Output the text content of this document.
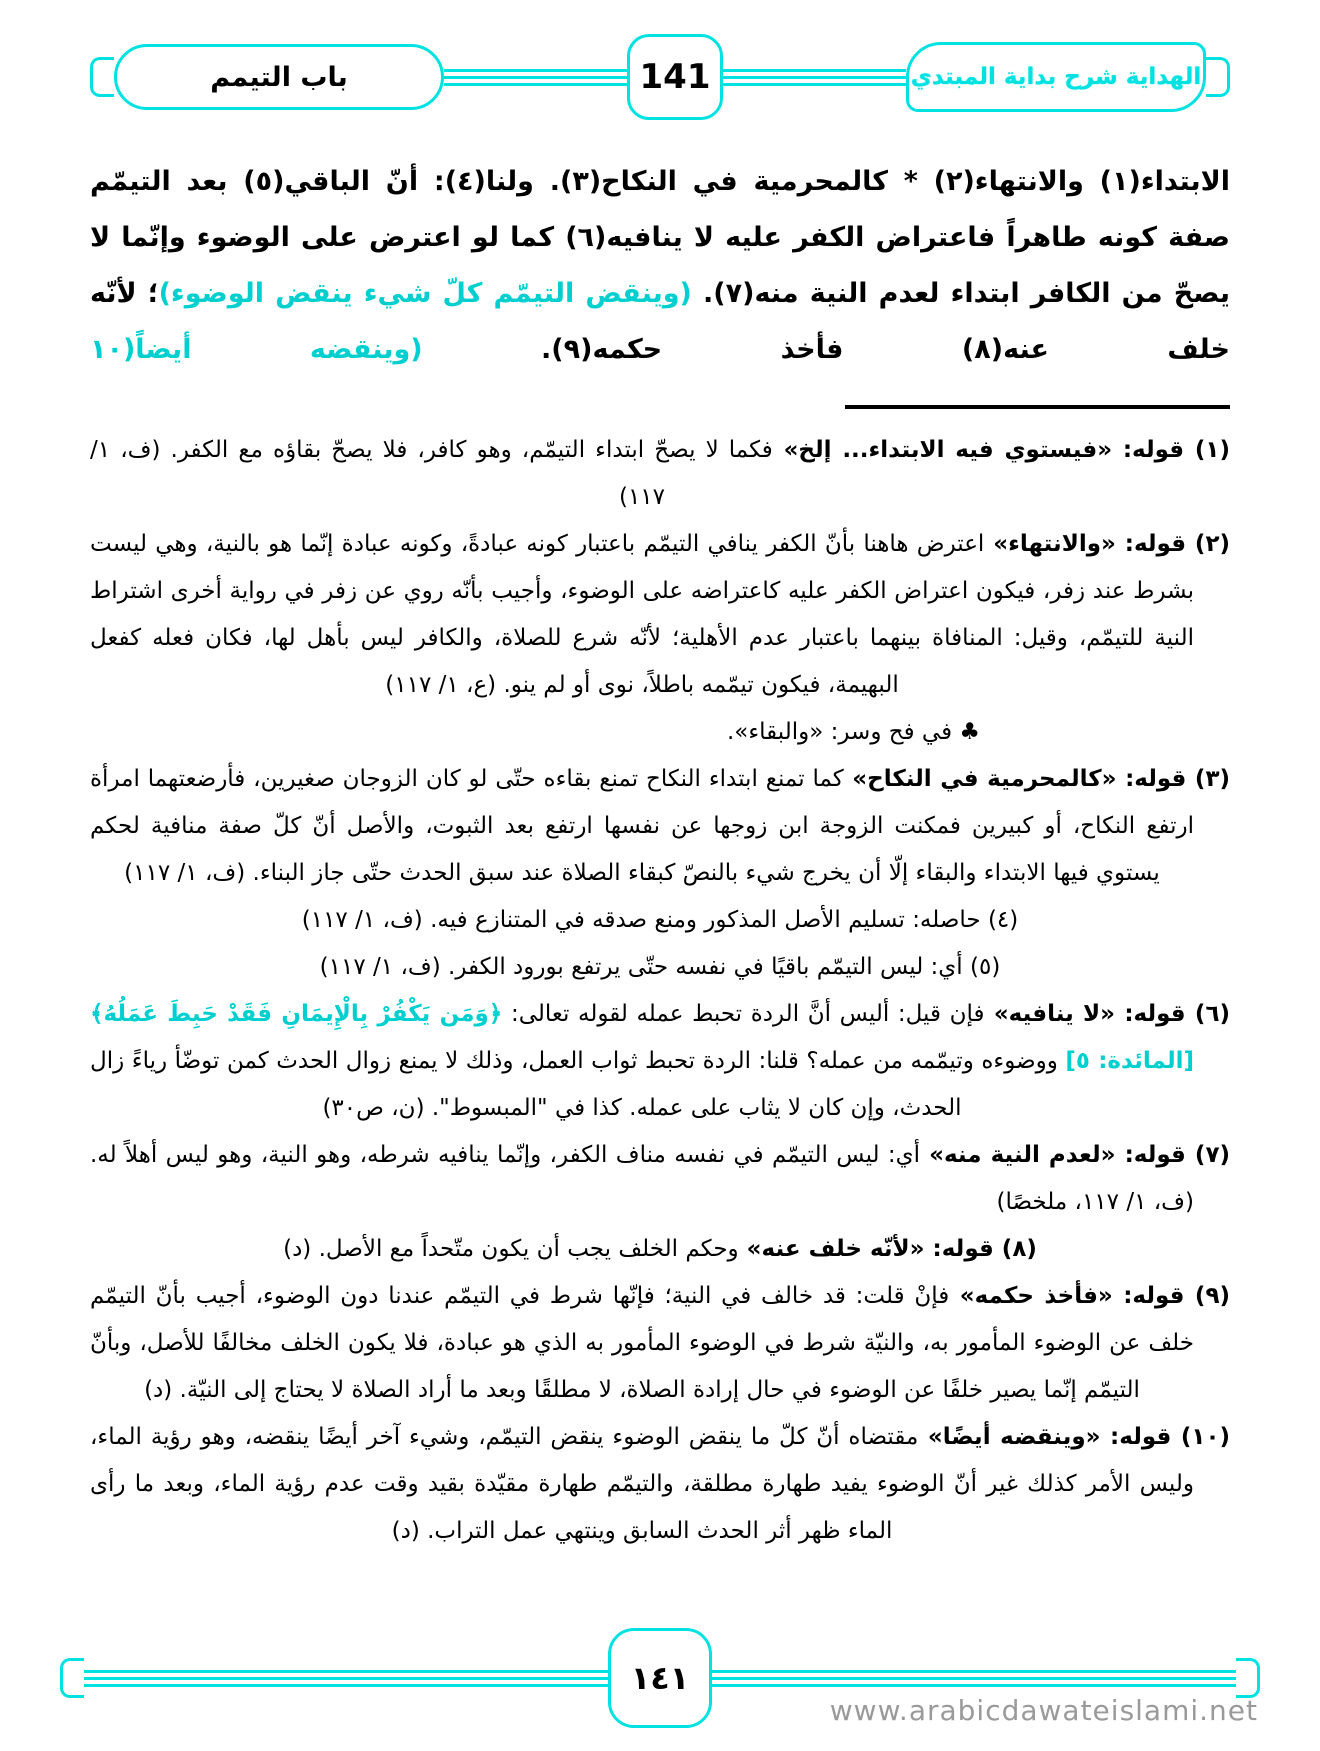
باب التيمم	141	الهداية شرح بداية المبتدي

الابتداء(١) والانتهاء(٢) * كالمحرمية في النكاح(٣). ولنا(٤): أنّ الباقي(٥) بعد التيمّم صفة كونه طاهراً فاعتراض الكفر عليه لا ينافيه(٦) كما لو اعترض على الوضوء وإنّما لا يصحّ من الكافر ابتداء لعدم النية منه(٧). (وينقض التيمّم كلّ شيء ينقض الوضوء)؛ لأنّه خلف عنه(٨) فأخذ حكمه(٩). (وينقضه أيضاً(١٠

(١) قوله: «فيستوي فيه الابتداء... إلخ» فكما لا يصحّ ابتداء التيمّم، وهو كافر، فلا يصحّ بقاؤه مع الكفر. (ف، ١/ ١١٧)

(٢) قوله: «والانتهاء» اعترض هاهنا بأنّ الكفر ينافي التيمّم باعتبار كونه عبادةً، وكونه عبادة إنّما هو بالنية، وهي ليست بشرط عند زفر، فيكون اعتراض الكفر عليه كاعتراضه على الوضوء، وأجيب بأنّه روي عن زفر في رواية أخرى اشتراط النية للتيمّم، وقيل: المنافاة بينهما باعتبار عدم الأهلية؛ لأنّه شرع للصلاة، والكافر ليس بأهل لها، فكان فعله كفعل البهيمة، فيكون تيمّمه باطلاً، نوى أو لم ينو. (ع، ١/ ١١٧)

♣ في فح وسر: «والبقاء».

(٣) قوله: «كالمحرمية في النكاح» كما تمنع ابتداء النكاح تمنع بقاءه حتّى لو كان الزوجان صغيرين، فأرضعتهما امرأة ارتفع النكاح، أو كبيرين فمكنت الزوجة ابن زوجها عن نفسها ارتفع بعد الثبوت، والأصل أنّ كلّ صفة منافية لحكم يستوي فيها الابتداء والبقاء إلّا أن يخرج شيء بالنصّ كبقاء الصلاة عند سبق الحدث حتّى جاز البناء. (ف، ١/ ١١٧)

(٤) حاصله: تسليم الأصل المذكور ومنع صدقه في المتنازع فيه. (ف، ١/ ١١٧)

(٥) أي: ليس التيمّم باقيًا في نفسه حتّى يرتفع بورود الكفر. (ف، ١/ ١١٧)

(٦) قوله: «لا ينافيه» فإن قيل: أليس أنَّ الردة تحبط عمله لقوله تعالى: ﴿وَمَن يَكْفُرْ بِالْإِيمَانِ فَقَدْ حَبِطَ عَمَلُهُ﴾ [المائدة: ٥] ووضوءه وتيمّمه من عمله؟ قلنا: الردة تحبط ثواب العمل، وذلك لا يمنع زوال الحدث كمن توضّأ رياءً زال الحدث، وإن كان لا يثاب على عمله. كذا في "المبسوط". (ن، ص٣٠)

(٧) قوله: «لعدم النية منه» أي: ليس التيمّم في نفسه مناف الكفر، وإنّما ينافيه شرطه، وهو النية، وهو ليس أهلاً له. (ف، ١/ ١١٧، ملخصًا)

(٨) قوله: «لأنّه خلف عنه» وحكم الخلف يجب أن يكون متّحداً مع الأصل. (د)

(٩) قوله: «فأخذ حكمه» فإنْ قلت: قد خالف في النية؛ فإنّها شرط في التيمّم عندنا دون الوضوء، أجيب بأنّ التيمّم خلف عن الوضوء المأمور به، والنيّة شرط في الوضوء المأمور به الذي هو عبادة، فلا يكون الخلف مخالفًا للأصل، وبأنّ التيمّم إنّما يصير خلفًا عن الوضوء في حال إرادة الصلاة، لا مطلقًا وبعد ما أراد الصلاة لا يحتاج إلى النيّة. (د)

(١٠) قوله: «وينقضه أيضًا» مقتضاه أنّ كلّ ما ينقض الوضوء ينقض التيمّم، وشيء آخر أيضًا ينقضه، وهو رؤية الماء، وليس الأمر كذلك غير أنّ الوضوء يفيد طهارة مطلقة، والتيمّم طهارة مقيّدة بقيد وقت عدم رؤية الماء، وبعد ما رأى الماء ظهر أثر الحدث السابق وينتهي عمل التراب. (د)

١٤١
www.arabicdawateislami.net
